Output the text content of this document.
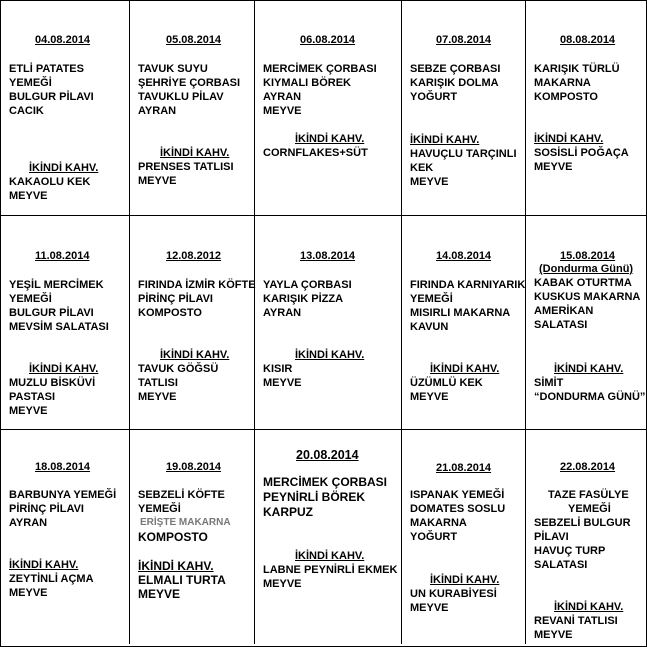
04.08.2014
ETLİ PATATES
YEMEĞİ
BULGUR PİLAVI
CACIK
İKİNDİ KAHV.
KAKAOLU KEK
MEYVE
05.08.2014
TAVUK SUYU
ŞEHRİYE ÇORBASI
TAVUKLU PİLAV
AYRAN
İKİNDİ KAHV.
PRENSES TATLISI
MEYVE
06.08.2014
MERCİMEK ÇORBASI
KIYMALI BÖREK
AYRAN
MEYVE
İKİNDİ KAHV.
CORNFLAKES+SÜT
07.08.2014
SEBZE ÇORBASI
KARIŞIK DOLMA
YOĞURT
İKİNDİ KAHV.
HAVUÇLU TARÇINLI
KEK
MEYVE
08.08.2014
KARIŞIK TÜRLÜ
MAKARNA
KOMPOSTO
İKİNDİ KAHV.
SOSİSLİ POĞAÇA
MEYVE
11.08.2014
YEŞİL MERCİMEK
YEMEĞİ
BULGUR PİLAVI
MEVSİM SALATASI
İKİNDİ KAHV.
MUZLU BİSKÜVİ
PASTASI
MEYVE
12.08.2012
FIRINDA İZMİR KÖFTE
PİRİNÇ PİLAVI
KOMPOSTO
İKİNDİ KAHV.
TAVUK GÖĞSÜ
TATLISI
MEYVE
13.08.2014
YAYLA ÇORBASI
KARIŞIK PİZZA
AYRAN
İKİNDİ KAHV.
KISIR
MEYVE
14.08.2014
FIRINDA KARNIYARIK
YEMEĞİ
MISIRLI MAKARNA
KAVUN
İKİNDİ KAHV.
ÜZÜMLÜ KEK
MEYVE
15.08.2014
(Dondurma Günü)
KABAK OTURTMA
KUSKUS MAKARNA
AMERİKAN
SALATASI
İKİNDİ KAHV.
SİMİT
“DONDURMA GÜNÜ”
18.08.2014
BARBUNYA YEMEĞİ
PİRİNÇ PİLAVI
AYRAN
İKİNDİ KAHV.
ZEYTİNLİ AÇMA
MEYVE
19.08.2014
SEBZELİ KÖFTE
YEMEĞİ
ERİŞTE MAKARNA
KOMPOSTO
İKİNDİ KAHV.
ELMALI TURTA
MEYVE
20.08.2014
MERCİMEK ÇORBASI
PEYNİRLİ BÖREK
KARPUZ
İKİNDİ KAHV.
LABNE PEYNİRLİ EKMEK
MEYVE
21.08.2014
ISPANAK YEMEĞİ
DOMATES SOSLU
MAKARNA
YOĞURT
İKİNDİ KAHV.
UN KURABİYESİ
MEYVE
22.08.2014
TAZE FASÜLYE
YEMEĞİ
SEBZELİ BULGUR
PİLAVI
HAVUÇ TURP
SALATASI
İKİNDİ KAHV.
REVANİ TATLISI
MEYVE
